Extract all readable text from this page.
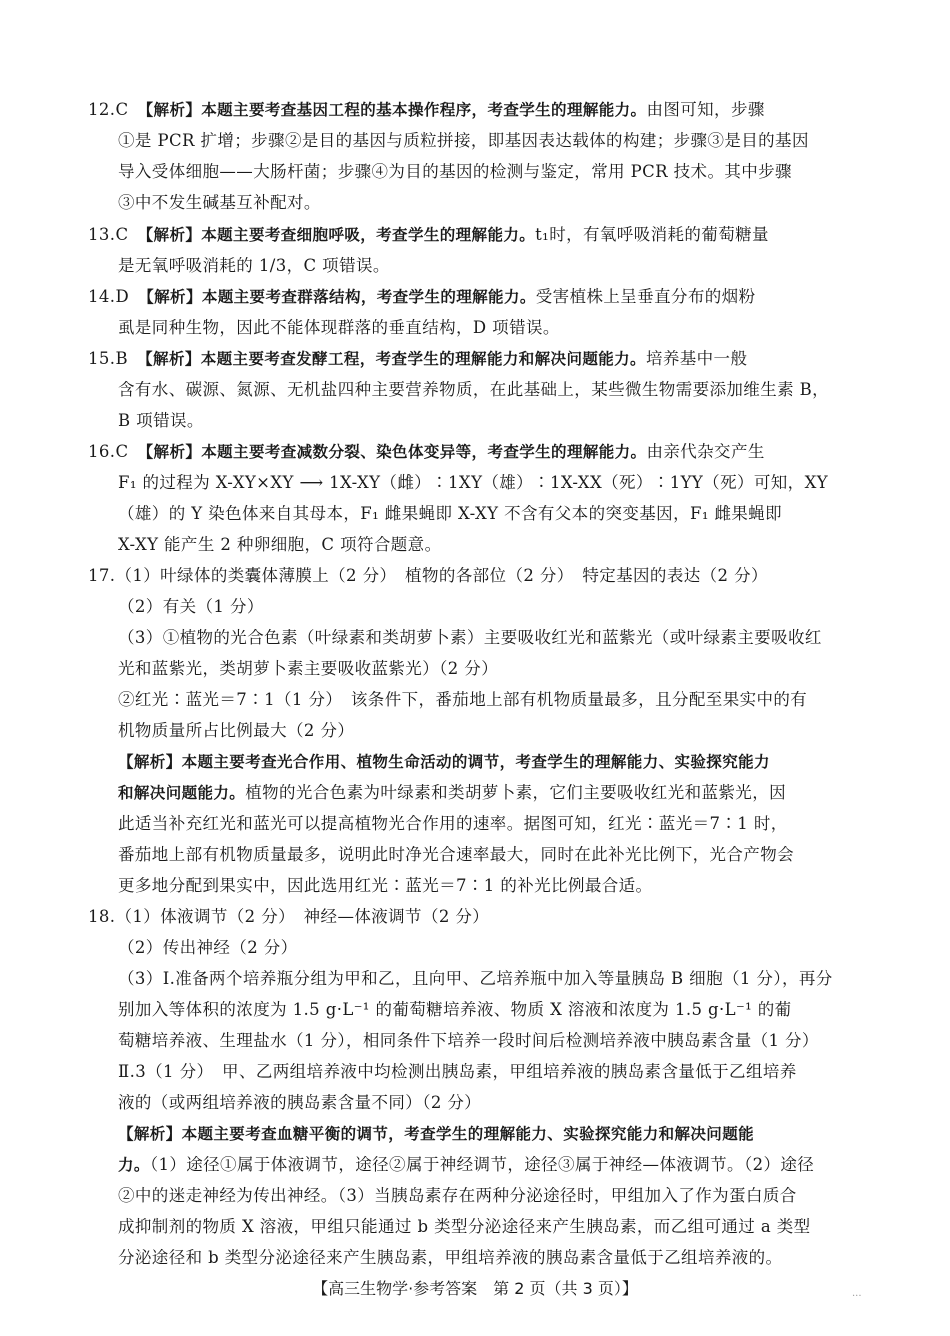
12.C　 【解析】本题主要考查基因工程的基本操作程序，考查学生的理解能力。由图可知，步骤
①是 PCR 扩增；步骤②是目的基因与质粒拼接，即基因表达载体的构建；步骤③是目的基因
导入受体细胞——大肠杆菌；步骤④为目的基因的检测与鉴定，常用 PCR 技术。其中步骤
③中不发生碱基互补配对。
13.C　 【解析】本题主要考查细胞呼吸，考查学生的理解能力。t₁时，有氧呼吸消耗的葡萄糖量
是无氧呼吸消耗的 1/3，C 项错误。
14.D　 【解析】本题主要考查群落结构，考查学生的理解能力。受害植株上呈垂直分布的烟粉
虱是同种生物，因此不能体现群落的垂直结构，D 项错误。
15.B　 【解析】本题主要考查发酵工程，考查学生的理解能力和解决问题能力。培养基中一般
含有水、碳源、氮源、无机盐四种主要营养物质，在此基础上，某些微生物需要添加维生素 B，
B 项错误。
16.C　 【解析】本题主要考查减数分裂、染色体变异等，考查学生的理解能力。由亲代杂交产生
F₁ 的过程为 X-XY×XY ⟶ 1X-XY（雌）∶1XY（雄）∶1X-XX（死）∶1YY（死）可知，XY
（雄）的 Y 染色体来自其母本，F₁ 雌果蝇即 X-XY 不含有父本的突变基因，F₁ 雌果蝇即
X-XY 能产生 2 种卵细胞，C 项符合题意。
17.（1）叶绿体的类囊体薄膜上（2 分）　植物的各部位（2 分）　特定基因的表达（2 分）
（2）有关（1 分）
（3）①植物的光合色素（叶绿素和类胡萝卜素）主要吸收红光和蓝紫光（或叶绿素主要吸收红
光和蓝紫光，类胡萝卜素主要吸收蓝紫光）（2 分）
②红光∶蓝光＝7∶1（1 分）　该条件下，番茄地上部有机物质量最多，且分配至果实中的有
机物质量所占比例最大（2 分）
【解析】本题主要考查光合作用、植物生命活动的调节，考查学生的理解能力、实验探究能力
和解决问题能力。植物的光合色素为叶绿素和类胡萝卜素，它们主要吸收红光和蓝紫光，因
此适当补充红光和蓝光可以提高植物光合作用的速率。据图可知，红光∶蓝光＝7∶1 时，
番茄地上部有机物质量最多，说明此时净光合速率最大，同时在此补光比例下，光合产物会
更多地分配到果实中，因此选用红光∶蓝光＝7∶1 的补光比例最合适。
18.（1）体液调节（2 分）　神经—体液调节（2 分）
（2）传出神经（2 分）
（3）Ⅰ.准备两个培养瓶分组为甲和乙，且向甲、乙培养瓶中加入等量胰岛 B 细胞（1 分），再分
别加入等体积的浓度为 1.5 g·L⁻¹ 的葡萄糖培养液、物质 X 溶液和浓度为 1.5 g·L⁻¹ 的葡
萄糖培养液、生理盐水（1 分），相同条件下培养一段时间后检测培养液中胰岛素含量（1 分）
Ⅱ.3（1 分）　甲、乙两组培养液中均检测出胰岛素，甲组培养液的胰岛素含量低于乙组培养
液的（或两组培养液的胰岛素含量不同）（2 分）
【解析】本题主要考查血糖平衡的调节，考查学生的理解能力、实验探究能力和解决问题能
力。（1）途径①属于体液调节，途径②属于神经调节，途径③属于神经—体液调节。（2）途径
②中的迷走神经为传出神经。（3）当胰岛素存在两种分泌途径时，甲组加入了作为蛋白质合
成抑制剂的物质 X 溶液，甲组只能通过 b 类型分泌途径来产生胰岛素，而乙组可通过 a 类型
分泌途径和 b 类型分泌途径来产生胰岛素，甲组培养液的胰岛素含量低于乙组培养液的。
【高三生物学·参考答案　第 2 页（共 3 页）】	...
